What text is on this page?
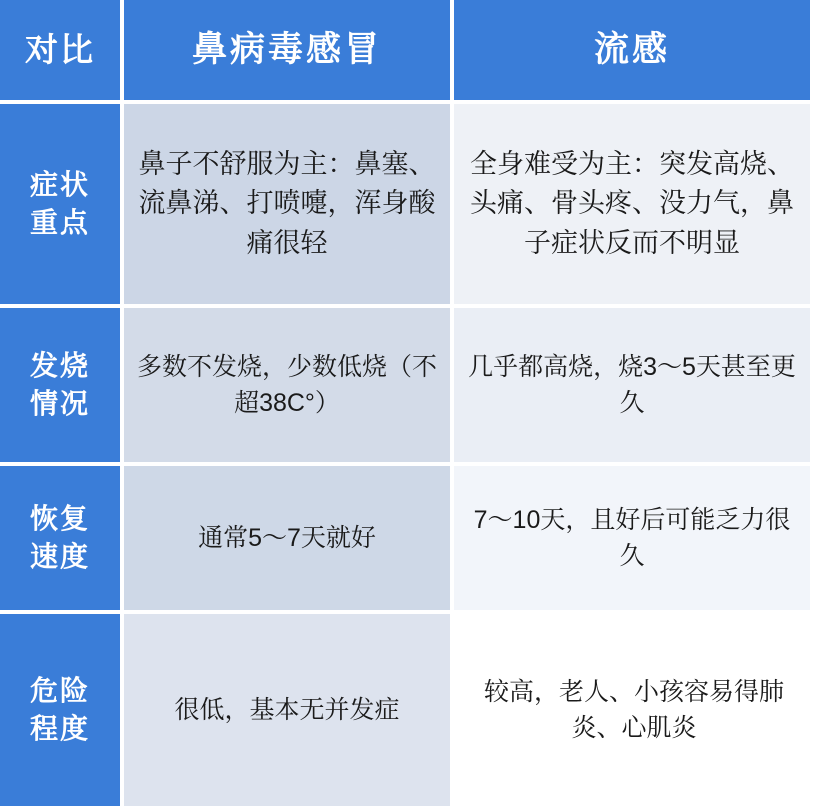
对比	鼻病毒感冒	流感
症状
重点
鼻子不舒服为主：鼻塞、流鼻涕、打喷嚏，浑身酸痛很轻
全身难受为主：突发高烧、头痛、骨头疼、没力气，鼻子症状反而不明显
发烧
情况
多数不发烧，少数低烧（不超38C°）
几乎都高烧，烧3～5天甚至更久
恢复
速度
通常5～7天就好
7～10天，且好后可能乏力很久
危险
程度
很低，基本无并发症
较高，老人、小孩容易得肺炎、心肌炎
